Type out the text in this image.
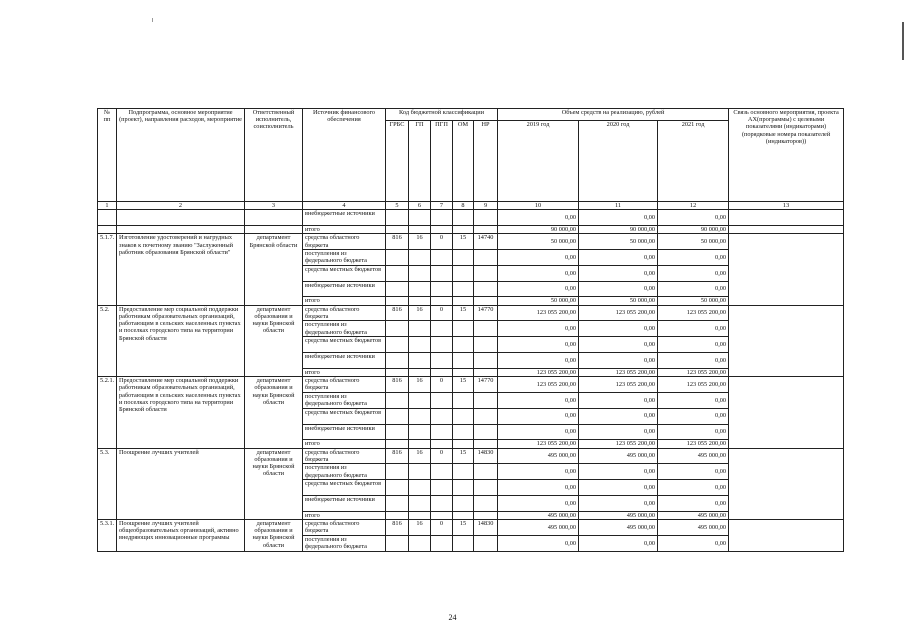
№ пп	Подпрограмма, основное мероприятие (проект), направления расходов, мероприятие	Ответственный исполнитель, соисполнитель	Источник финансового обеспечения	Код бюджетной классификации					Объем средств на реализацию, рублей			Связь основного мероприятия, проекта АХ(программы) с целевыми показателями (индикаторами) (порядковые номера показателей (индикаторов))
				ГРБС	ГП	ПГП	ОМ	НР	2019 год	2020 год	2021 год	
1	2	3	4	5	6	7	8	9	10	11	12	13
			внебюджетные источники						0,00	0,00	0,00	
			итого						90 000,00	90 000,00	90 000,00	
5.1.7.	Изготовление удостоверений и нагрудных знаков к почетному званию "Заслуженный работник образования Брянской области"	департамент Брянской области	средства областного бюджета	816	16	0	15	14740	50 000,00	50 000,00	50 000,00	
			поступления из федерального бюджета						0,00	0,00	0,00	
			средства местных бюджетов						0,00	0,00	0,00	
			внебюджетные источники						0,00	0,00	0,00	
			итого						50 000,00	50 000,00	50 000,00	
5.2.	Предоставление мер социальной поддержки работникам образовательных организаций, работающим в сельских населенных пунктах и поселках городского типа на территории Брянской области	департамент образования и науки Брянской области	средства областного бюджета	816	16	0	15	14770	123 055 200,00	123 055 200,00	123 055 200,00	
			поступления из федерального бюджета						0,00	0,00	0,00	
			средства местных бюджетов						0,00	0,00	0,00	
			внебюджетные источники						0,00	0,00	0,00	
			итого						123 055 200,00	123 055 200,00	123 055 200,00	
5.2.1.	Предоставление мер социальной поддержки работникам образовательных организаций, работающим в сельских населенных пунктах и поселках городского типа на территории Брянской области	департамент образования и науки Брянской области	средства областного бюджета	816	16	0	15	14770	123 055 200,00	123 055 200,00	123 055 200,00	
			поступления из федерального бюджета						0,00	0,00	0,00	
			средства местных бюджетов						0,00	0,00	0,00	
			внебюджетные источники						0,00	0,00	0,00	
			итого						123 055 200,00	123 055 200,00	123 055 200,00	
5.3.	Поощрение лучших учителей	департамент образования и науки Брянской области	средства областного бюджета	816	16	0	15	14830	495 000,00	495 000,00	495 000,00	
			поступления из федерального бюджета						0,00	0,00	0,00	
			средства местных бюджетов						0,00	0,00	0,00	
			внебюджетные источники						0,00	0,00	0,00	
			итого						495 000,00	495 000,00	495 000,00	
5.3.1.	Поощрение лучших учителей общеобразовательных организаций, активно внедряющих инновационные программы	департамент образования и науки Брянской области	средства областного бюджета	816	16	0	15	14830	495 000,00	495 000,00	495 000,00	
			поступления из федерального бюджета						0,00	0,00	0,00	
24
